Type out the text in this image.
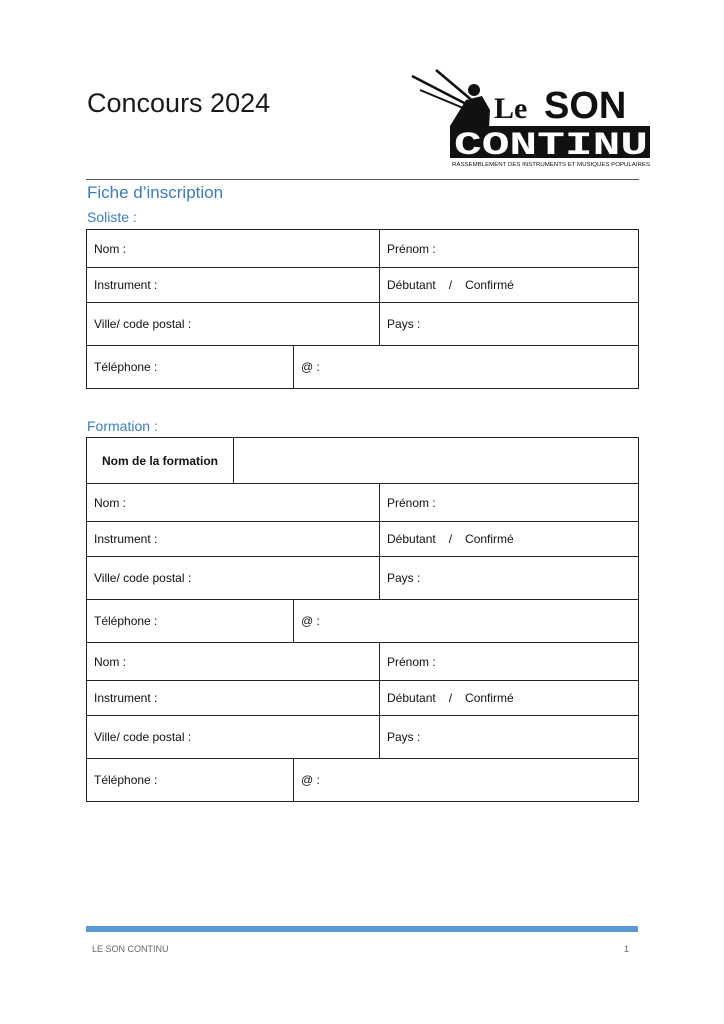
Concours 2024	Le SON
CONTINU
RASSEMBLEMENT DES INSTRUMENTS ET MUSIQUES POPULAIRES
Fiche d’inscription
Soliste :
Nom :		Prénom :
Instrument :		Débutant / Confirmé
Ville/ code postal :		Pays :
Téléphone :	@ :	
Formation :
Nom de la formation			
Nom :			Prénom :
Instrument :			Débutant / Confirmé
Ville/ code postal :			Pays :
Téléphone :		@ :	
Nom :			Prénom :
Instrument :			Débutant / Confirmé
Ville/ code postal :			Pays :
Téléphone :		@ :	
LE SON CONTINU	1
